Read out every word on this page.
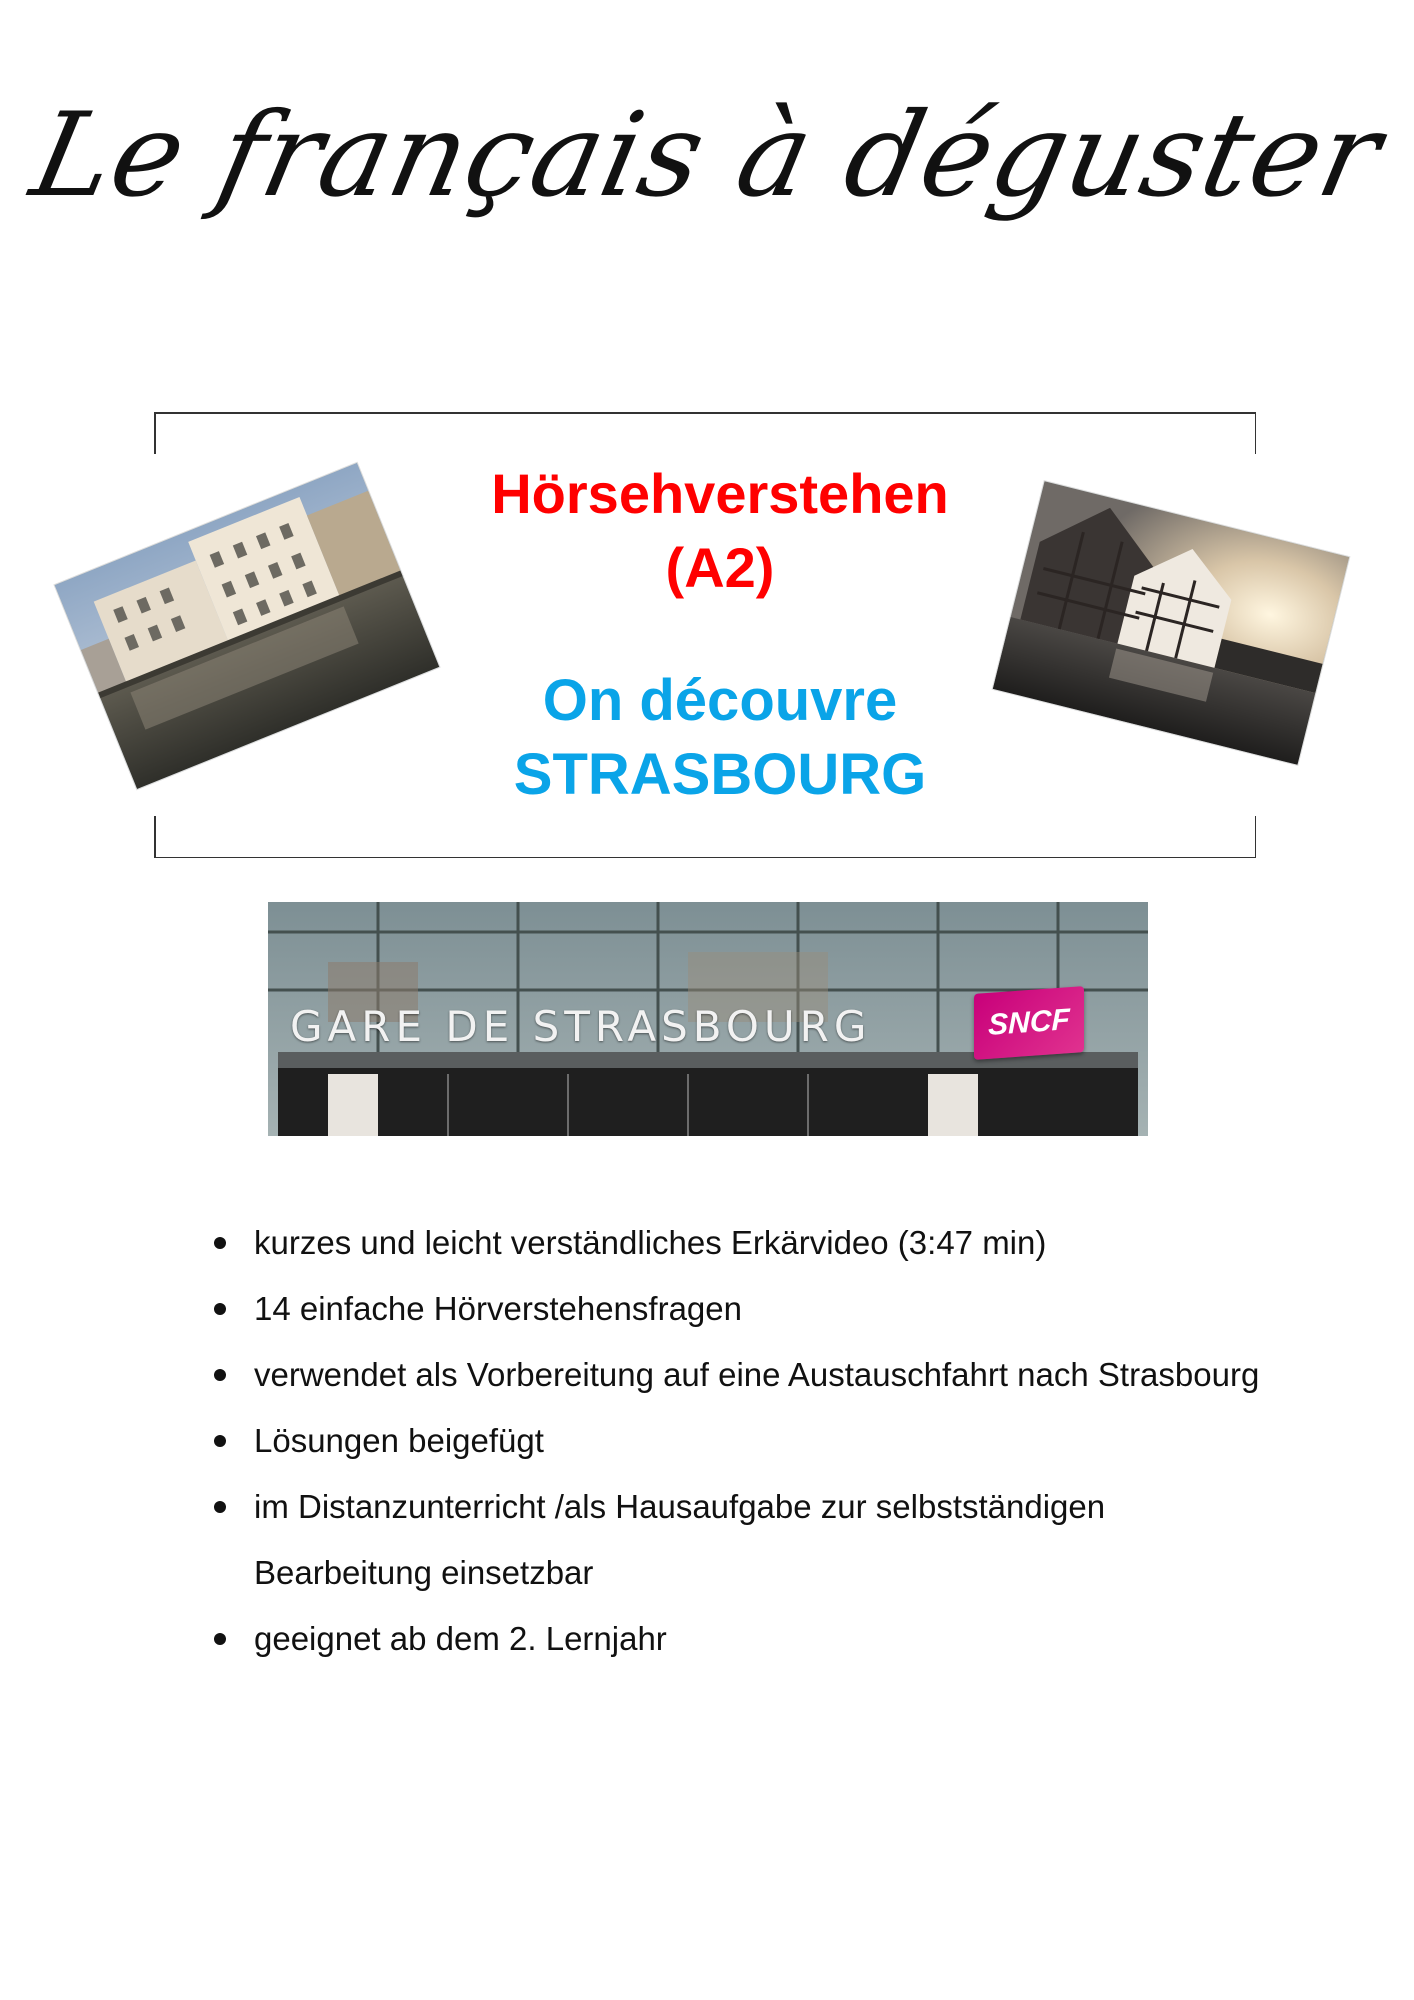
Le français à déguster
Hörsehverstehen
(A2)
On découvre
STRASBOURG
GARE DE STRASBOURG	SNCF
kurzes und leicht verständliches Erkärvideo (3:47 min)
14 einfache Hörverstehensfragen
verwendet als Vorbereitung auf eine Austauschfahrt nach Strasbourg
Lösungen beigefügt
im Distanzunterricht /als Hausaufgabe zur selbstständigen Bearbeitung einsetzbar
geeignet ab dem 2. Lernjahr
